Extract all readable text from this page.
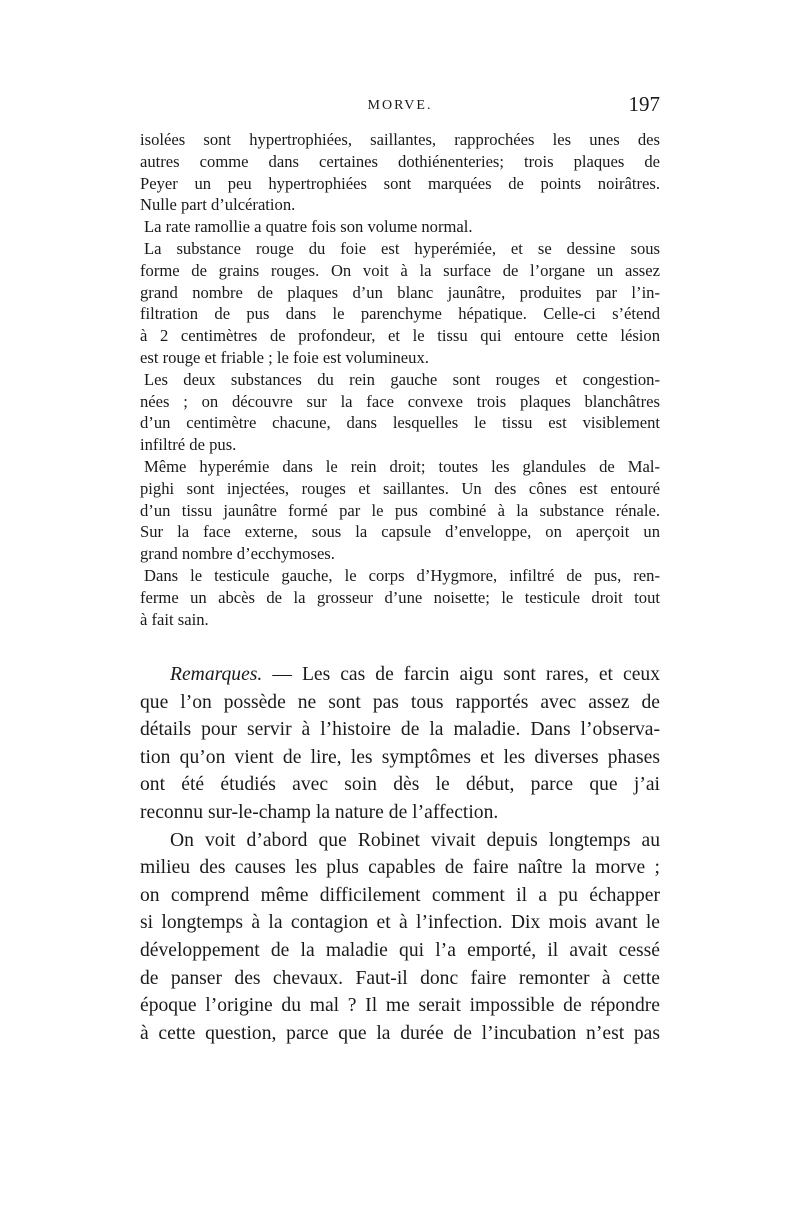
MORVE.	197

isolées sont hypertrophiées, saillantes, rapprochées les unes des

autres comme dans certaines dothiénenteries; trois plaques de

Peyer un peu hypertrophiées sont marquées de points noirâtres.

Nulle part d’ulcération.

La rate ramollie a quatre fois son volume normal.

La substance rouge du foie est hyperémiée, et se dessine sous

forme de grains rouges. On voit à la surface de l’organe un assez

grand nombre de plaques d’un blanc jaunâtre, produites par l’in-

filtration de pus dans le parenchyme hépatique. Celle-ci s’étend

à 2 centimètres de profondeur, et le tissu qui entoure cette lésion

est rouge et friable ; le foie est volumineux.

Les deux substances du rein gauche sont rouges et congestion-

nées ; on découvre sur la face convexe trois plaques blanchâtres

d’un centimètre chacune, dans lesquelles le tissu est visiblement

infiltré de pus.

Même hyperémie dans le rein droit; toutes les glandules de Mal-

pighi sont injectées, rouges et saillantes. Un des cônes est entouré

d’un tissu jaunâtre formé par le pus combiné à la substance rénale.

Sur la face externe, sous la capsule d’enveloppe, on aperçoit un

grand nombre d’ecchymoses.

Dans le testicule gauche, le corps d’Hygmore, infiltré de pus, ren-

ferme un abcès de la grosseur d’une noisette; le testicule droit tout

à fait sain.

Remarques. — Les cas de farcin aigu sont rares, et ceux

que l’on possède ne sont pas tous rapportés avec assez de

détails pour servir à l’histoire de la maladie. Dans l’observa-

tion qu’on vient de lire, les symptômes et les diverses phases

ont été étudiés avec soin dès le début, parce que j’ai

reconnu sur-le-champ la nature de l’affection.

On voit d’abord que Robinet vivait depuis longtemps au

milieu des causes les plus capables de faire naître la morve ;

on comprend même difficilement comment il a pu échapper

si longtemps à la contagion et à l’infection. Dix mois avant le

développement de la maladie qui l’a emporté, il avait cessé

de panser des chevaux. Faut-il donc faire remonter à cette

époque l’origine du mal ? Il me serait impossible de répondre

à cette question, parce que la durée de l’incubation n’est pas
